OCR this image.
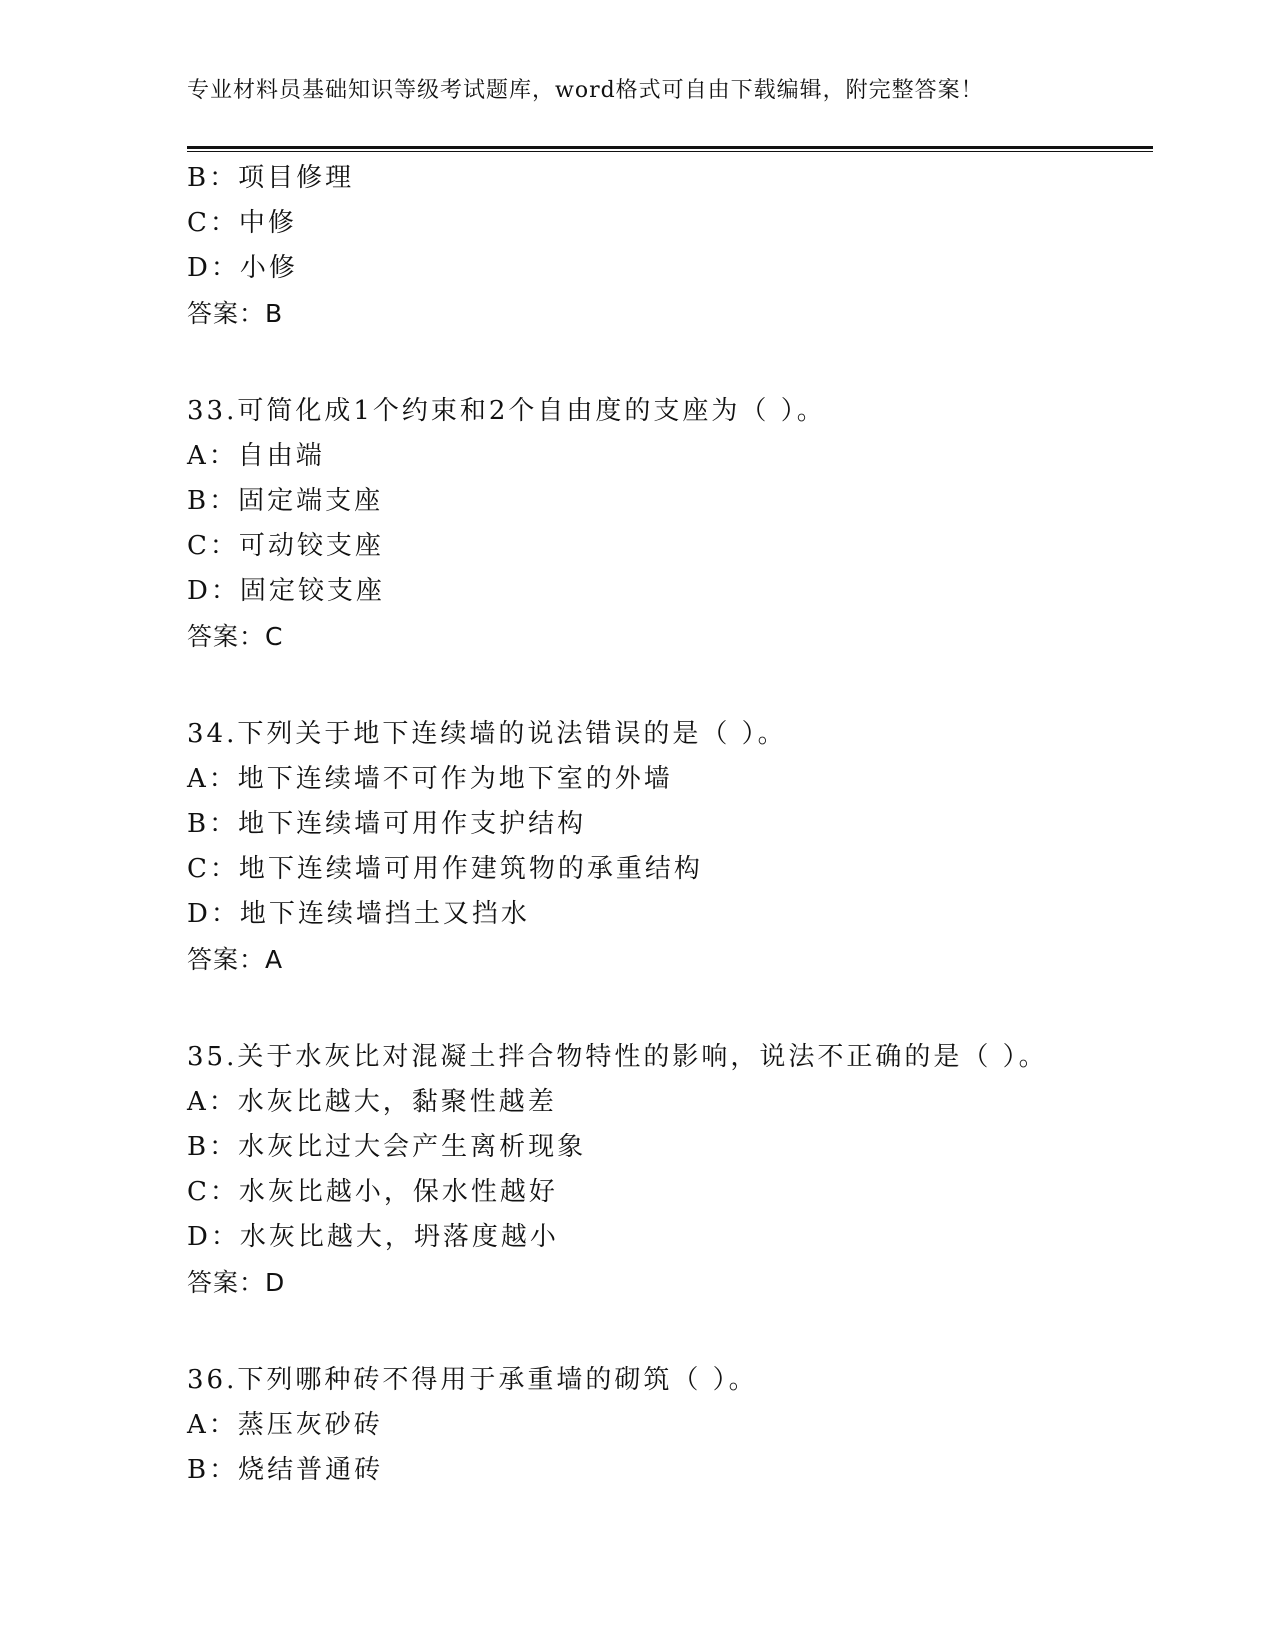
专业材料员基础知识等级考试题库，word格式可自由下载编辑，附完整答案！
B：项目修理
C：中修
D：小修
答案：B
33.可简化成1个约束和2个自由度的支座为（ ）。
A：自由端
B：固定端支座
C：可动铰支座
D：固定铰支座
答案：C
34.下列关于地下连续墙的说法错误的是（ ）。
A：地下连续墙不可作为地下室的外墙
B：地下连续墙可用作支护结构
C：地下连续墙可用作建筑物的承重结构
D：地下连续墙挡土又挡水
答案：A
35.关于水灰比对混凝土拌合物特性的影响，说法不正确的是（ ）。
A：水灰比越大，黏聚性越差
B：水灰比过大会产生离析现象
C：水灰比越小，保水性越好
D：水灰比越大，坍落度越小
答案：D
36.下列哪种砖不得用于承重墙的砌筑（ ）。
A：蒸压灰砂砖
B：烧结普通砖
